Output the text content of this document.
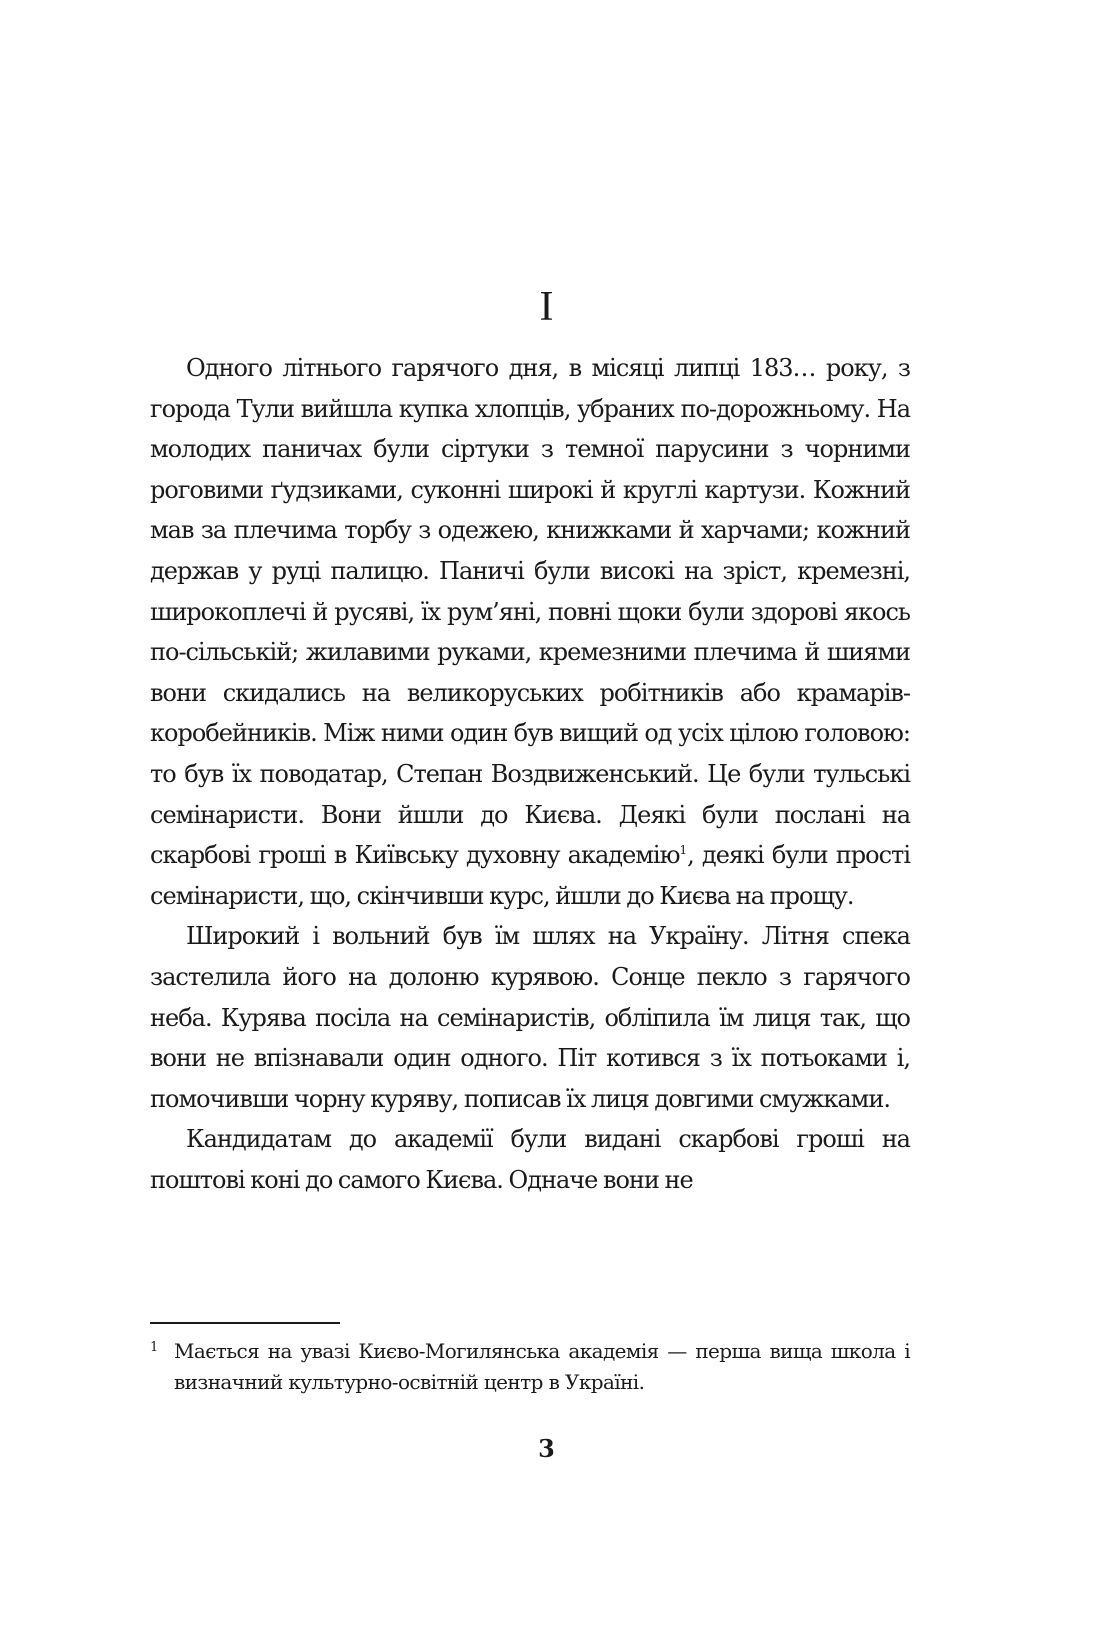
I

Одного літнього гарячого дня, в місяці липці 183… року, з города Тули вийшла купка хлопців, убраних по-дорожньому. На молодих паничах були сіртуки з темної парусини з чорними роговими ґудзиками, суконні широкі й круглі картузи. Кожний мав за плечима торбу з одежею, книжками й харчами; кожний держав у руці палицю. Паничі були високі на зріст, кремезні, широкоплечі й русяві, їх рум’яні, повні щоки були здорові якось по-сільській; жилавими руками, кремезними плечима й шиями вони скидались на великоруських робітників або крамарів-коробейників. Між ними один був вищий од усіх цілою головою: то був їх поводатар, Степан Воздвиженський. Це були тульські семінаристи. Вони йшли до Києва. Деякі були послані на скарбові гроші в Київську духовну академію$^1$, деякі були прості семінаристи, що, скінчивши курс, йшли до Києва на прощу.

Широкий і вольний був їм шлях на Україну. Літня спека застелила його на долоню курявою. Сонце пекло з гарячого неба. Курява посіла на семінаристів, обліпила їм лиця так, що вони не впізнавали один одного. Піт котився з їх потьоками і, помочивши чорну куряву, пописав їх лиця довгими смужками.

Кандидатам до академії були видані скарбові гроші на поштові коні до самого Києва. Одначе вони не

1 Мається на увазі Києво-Могилянська академія — перша вища школа і визначний культурно-освітній центр в Україні.

3
